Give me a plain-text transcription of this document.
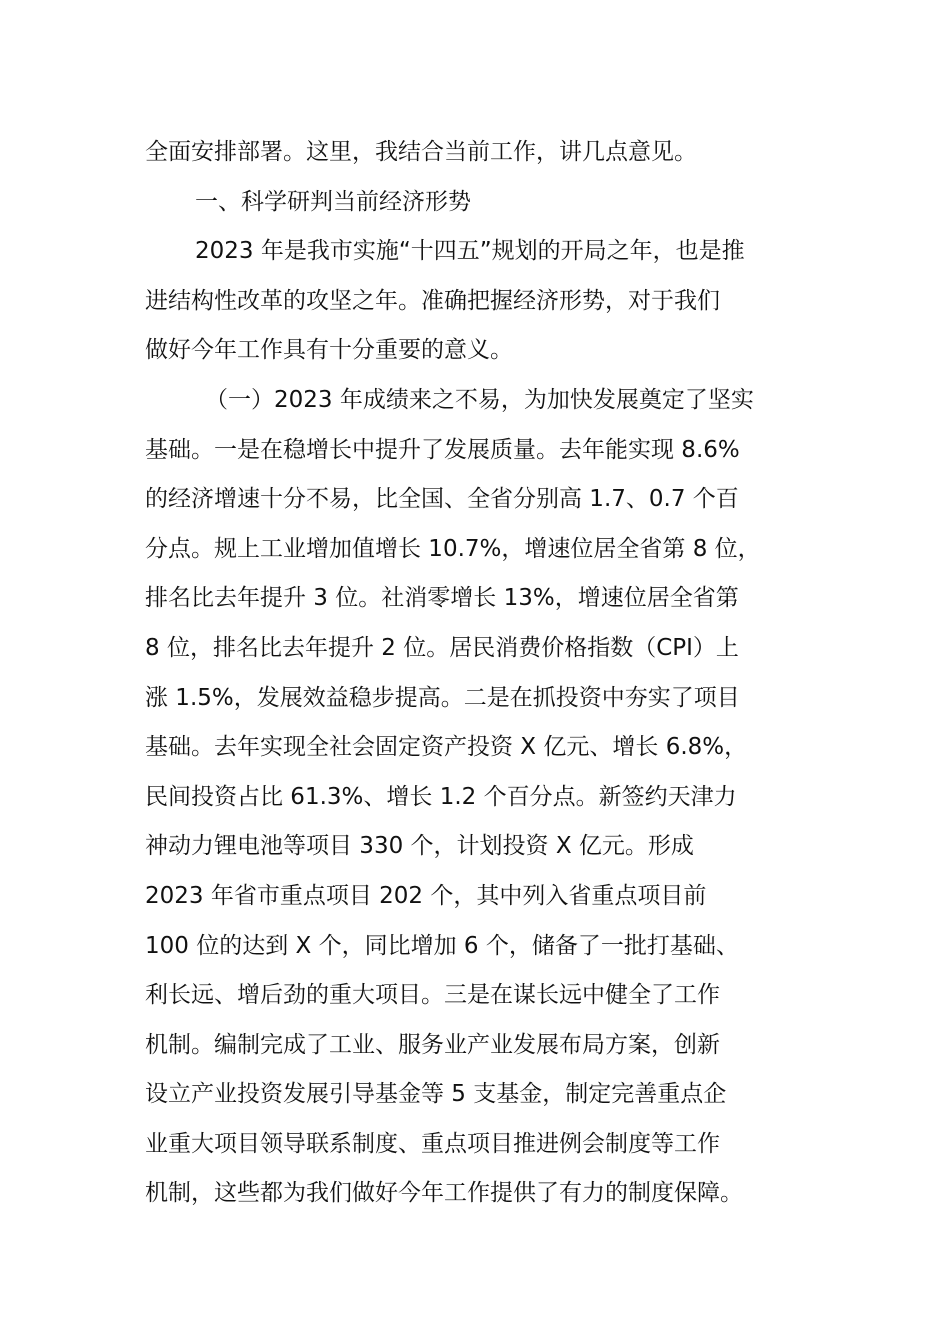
全面安排部署。这里，我结合当前工作，讲几点意见。
一、科学研判当前经济形势
2023 年是我市实施“十四五”规划的开局之年，也是推
进结构性改革的攻坚之年。准确把握经济形势，对于我们
做好今年工作具有十分重要的意义。
（一）2023 年成绩来之不易，为加快发展奠定了坚实
基础。一是在稳增长中提升了发展质量。去年能实现 8.6%
的经济增速十分不易，比全国、全省分别高 1.7、0.7 个百
分点。规上工业增加值增长 10.7%，增速位居全省第 8 位，
排名比去年提升 3 位。社消零增长 13%，增速位居全省第
8 位，排名比去年提升 2 位。居民消费价格指数（CPI）上
涨 1.5%，发展效益稳步提高。二是在抓投资中夯实了项目
基础。去年实现全社会固定资产投资 X 亿元、增长 6.8%，
民间投资占比 61.3%、增长 1.2 个百分点。新签约天津力
神动力锂电池等项目 330 个，计划投资 X 亿元。形成
2023 年省市重点项目 202 个，其中列入省重点项目前
100 位的达到 X 个，同比增加 6 个，储备了一批打基础、
利长远、增后劲的重大项目。三是在谋长远中健全了工作
机制。编制完成了工业、服务业产业发展布局方案，创新
设立产业投资发展引导基金等 5 支基金，制定完善重点企
业重大项目领导联系制度、重点项目推进例会制度等工作
机制，这些都为我们做好今年工作提供了有力的制度保障。
